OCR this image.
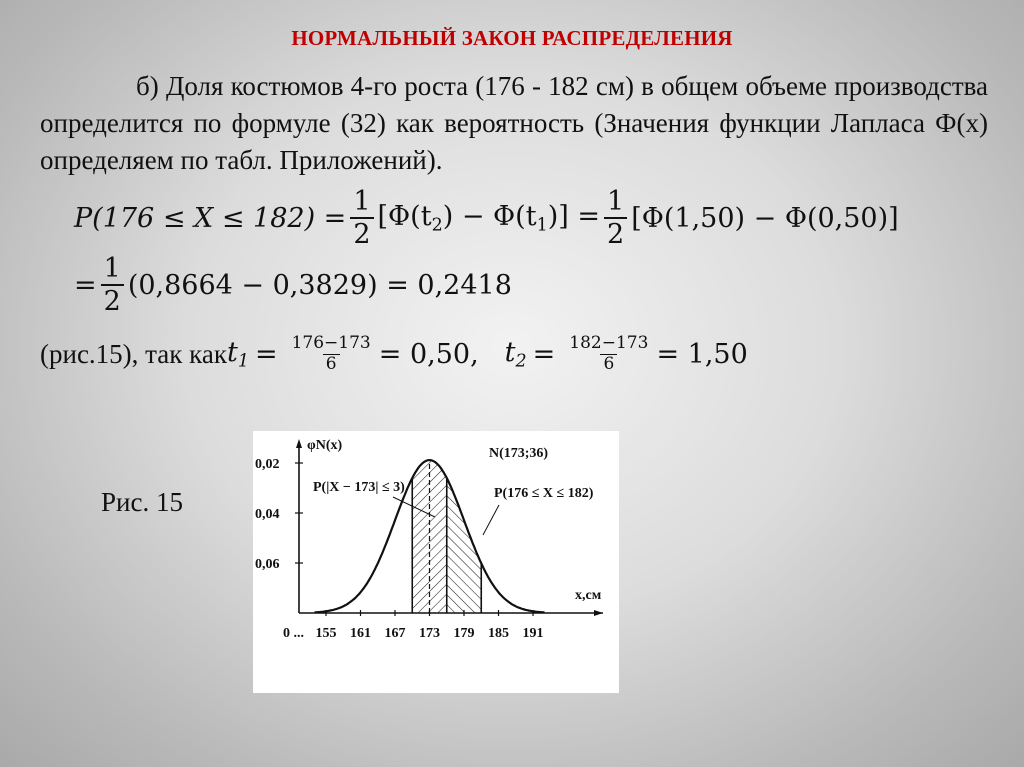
НОРМАЛЬНЫЙ ЗАКОН РАСПРЕДЕЛЕНИЯ
б) Доля костюмов 4-го роста (176 - 182 см) в общем объеме производства определится по формуле (32) как вероятность (Значения функции Лапласа Ф(x) определяем по табл. Приложений).
$P(176 \le X \le 182) = \frac{1}{2} [\Phi(t_2) - \Phi(t_1)] = \frac{1}{2} [\Phi(1,50) - \Phi(0,50)]$
= $\frac{1}{2} (0,8664 - 0,3829) = 0,2418$
(рис.15), так как $t_1 = \frac{176-173}{6} = 0,50$, $t_2 = \frac{182-173}{6} = 1,50$
Рис. 15
0,06
0,04
0,02
0 ... 155 161 167 173 179 185 191
φN(x)
x,см
N(173;36)
P(|X − 173| ≤ 3)	P(176 ≤ X ≤ 182)
